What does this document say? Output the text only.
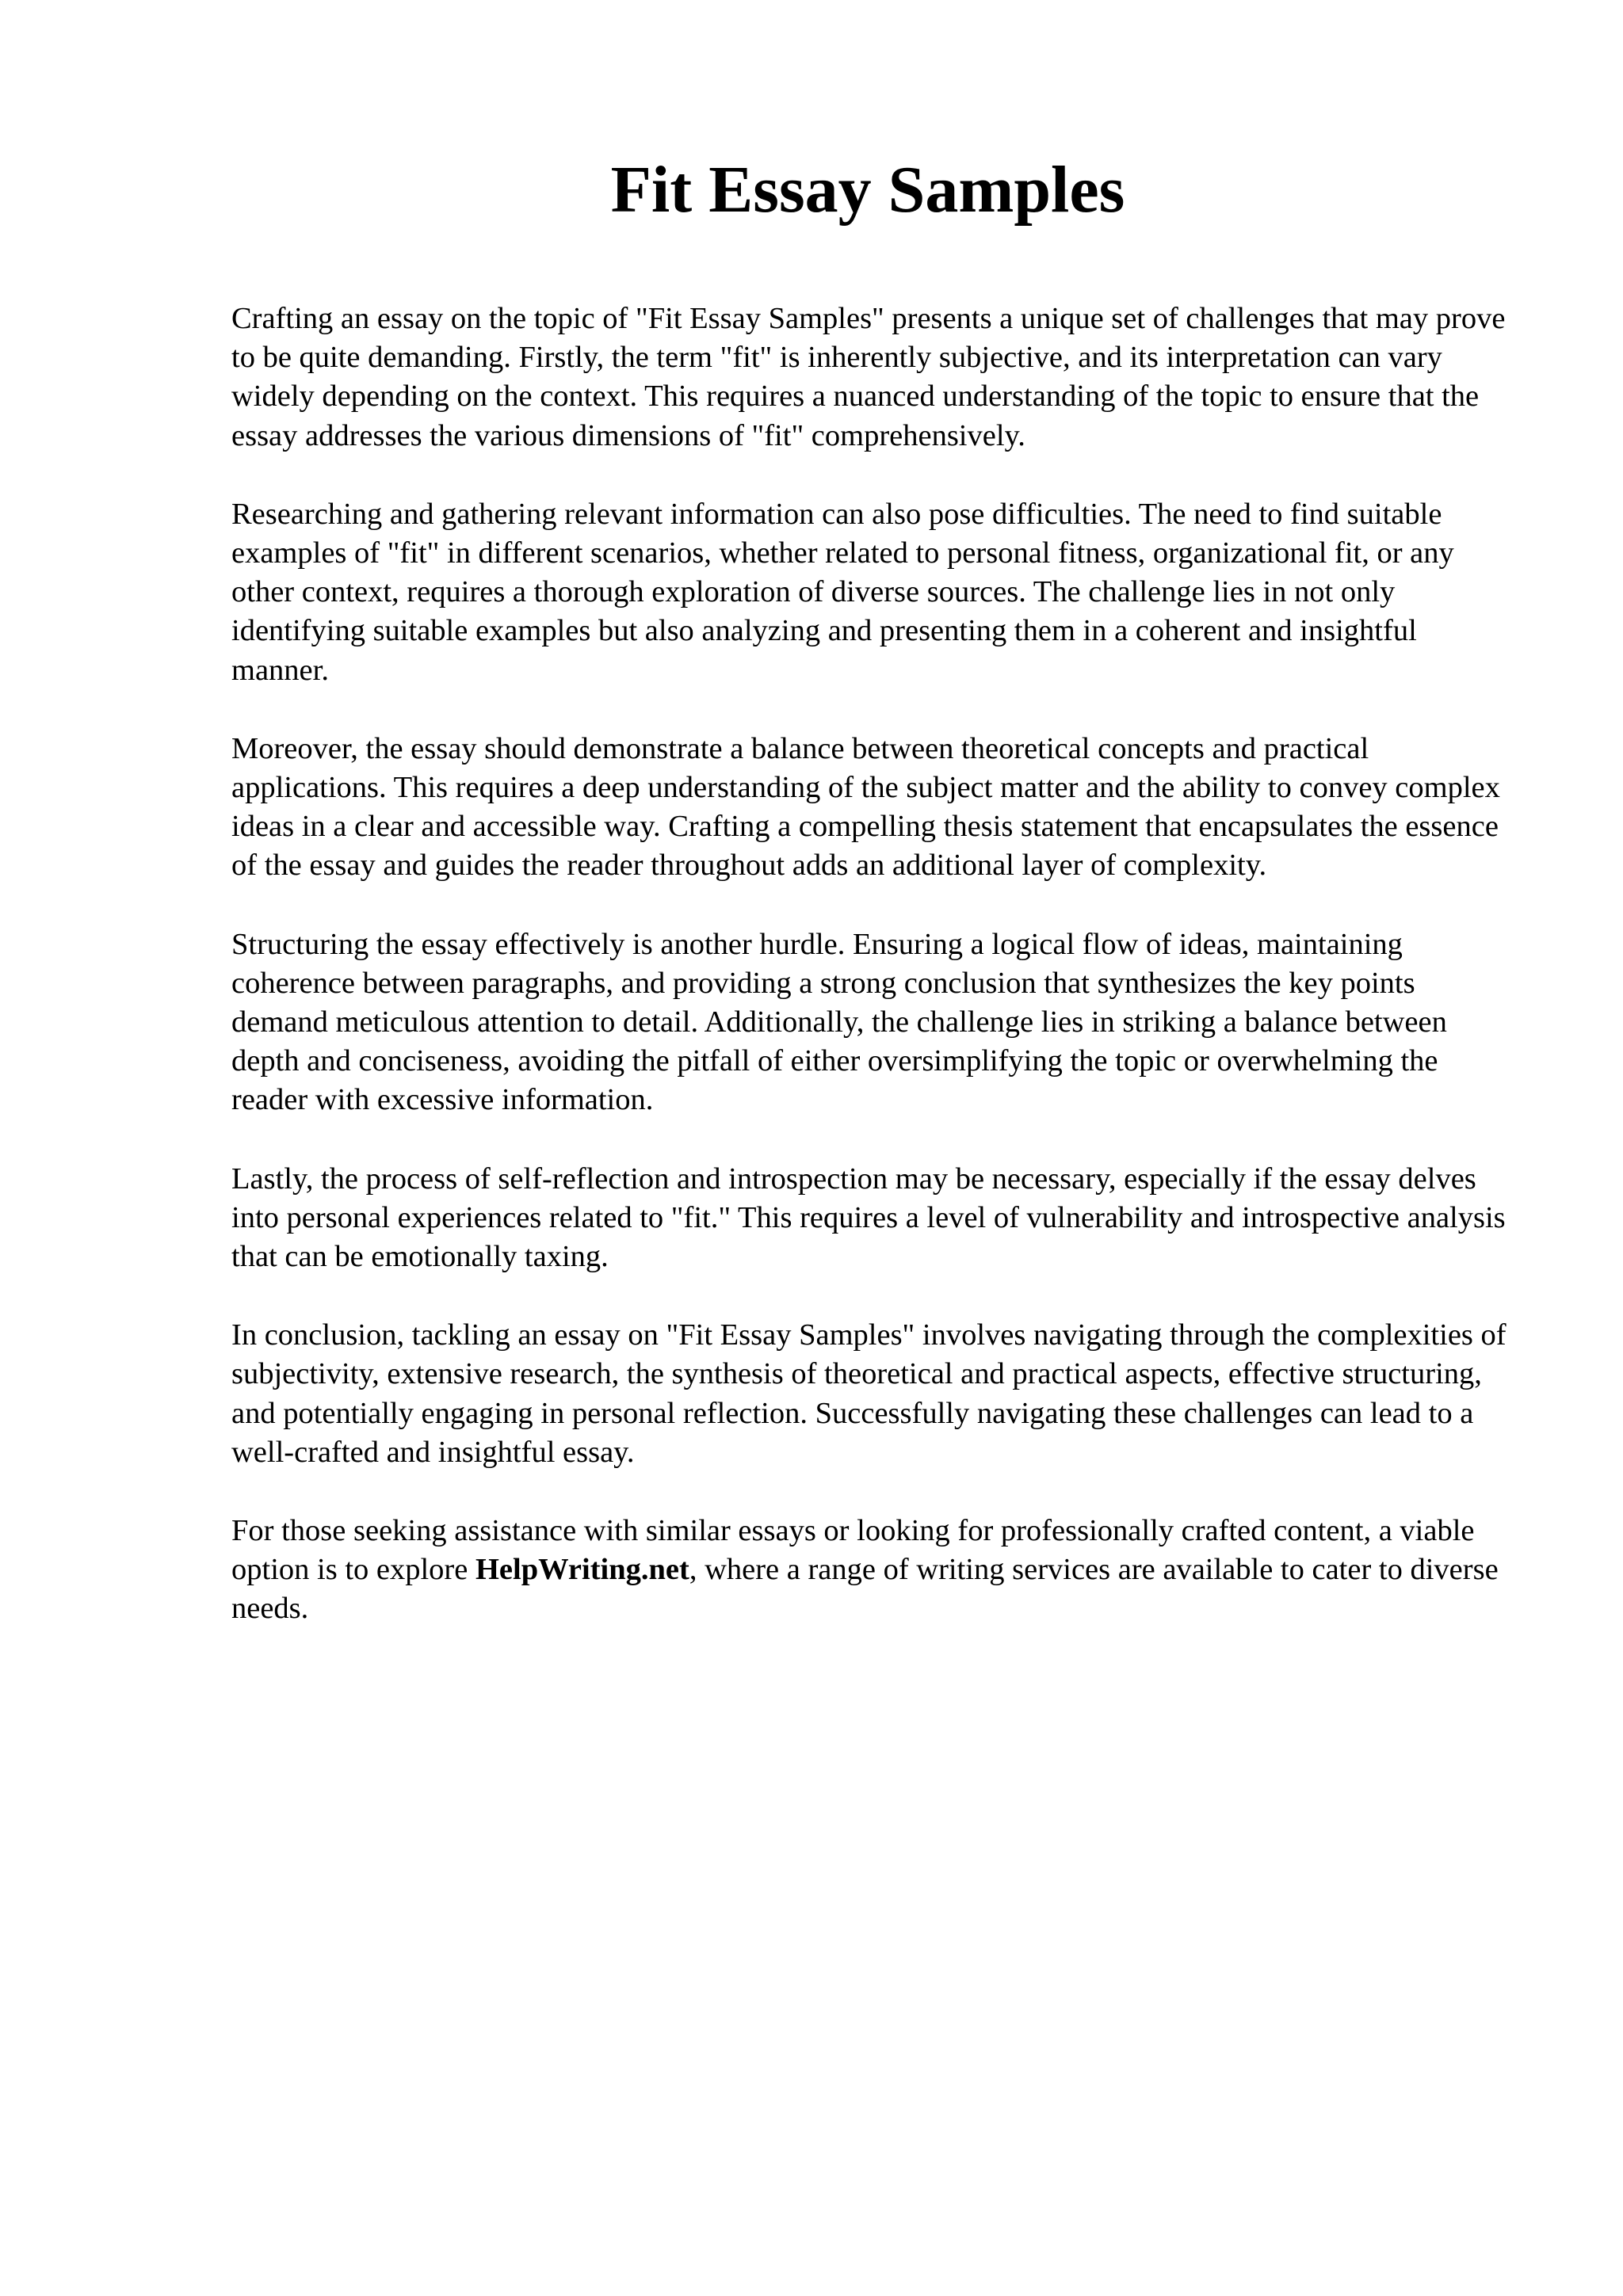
Fit Essay Samples

Crafting an essay on the topic of "Fit Essay Samples" presents a unique set of challenges that may prove to be quite demanding. Firstly, the term "fit" is inherently subjective, and its interpretation can vary widely depending on the context. This requires a nuanced understanding of the topic to ensure that the essay addresses the various dimensions of "fit" comprehensively.

Researching and gathering relevant information can also pose difficulties. The need to find suitable examples of "fit" in different scenarios, whether related to personal fitness, organizational fit, or any other context, requires a thorough exploration of diverse sources. The challenge lies in not only identifying suitable examples but also analyzing and presenting them in a coherent and insightful manner.

Moreover, the essay should demonstrate a balance between theoretical concepts and practical applications. This requires a deep understanding of the subject matter and the ability to convey complex ideas in a clear and accessible way. Crafting a compelling thesis statement that encapsulates the essence of the essay and guides the reader throughout adds an additional layer of complexity.

Structuring the essay effectively is another hurdle. Ensuring a logical flow of ideas, maintaining coherence between paragraphs, and providing a strong conclusion that synthesizes the key points demand meticulous attention to detail. Additionally, the challenge lies in striking a balance between depth and conciseness, avoiding the pitfall of either oversimplifying the topic or overwhelming the reader with excessive information.

Lastly, the process of self-reflection and introspection may be necessary, especially if the essay delves into personal experiences related to "fit." This requires a level of vulnerability and introspective analysis that can be emotionally taxing.

In conclusion, tackling an essay on "Fit Essay Samples" involves navigating through the complexities of subjectivity, extensive research, the synthesis of theoretical and practical aspects, effective structuring, and potentially engaging in personal reflection. Successfully navigating these challenges can lead to a well-crafted and insightful essay.

For those seeking assistance with similar essays or looking for professionally crafted content, a viable option is to explore HelpWriting.net, where a range of writing services are available to cater to diverse needs.
